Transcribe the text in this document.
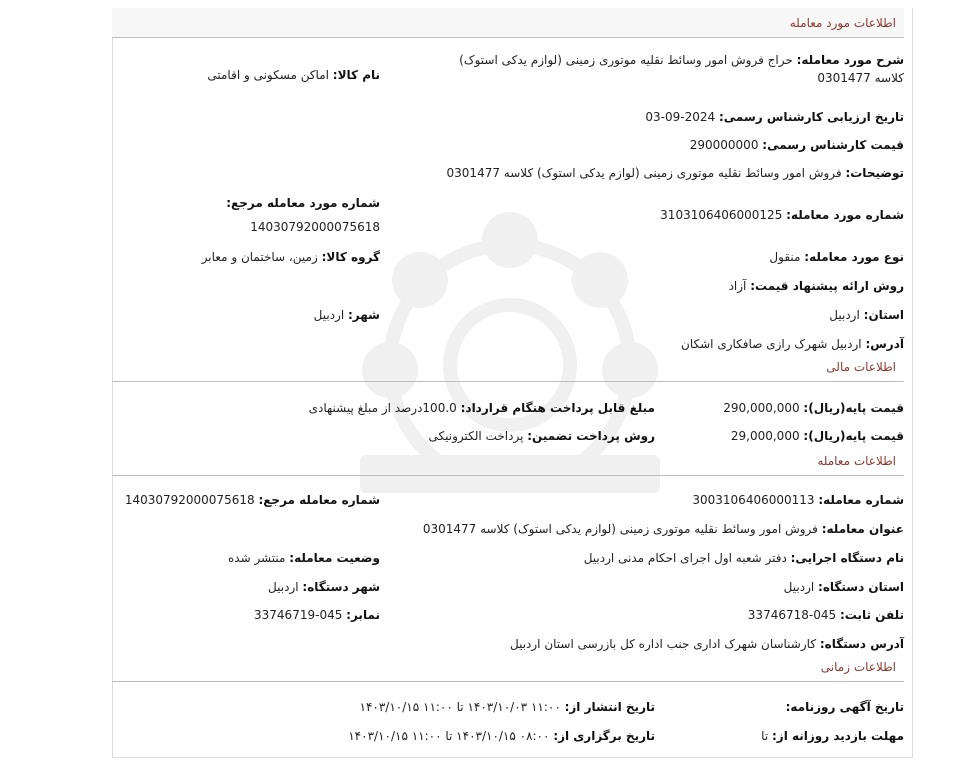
اطلاعات مورد معامله
شرح مورد معامله: حراج فروش امور وسائط نقلیه موتوری زمینی (لوازم یدکی استوک) کلاسه 0301477
نام کالا: اماکن مسکونی و اقامتی
تاریخ ارزیابی کارشناس رسمی: 2024-09-03
قیمت کارشناس رسمی: 290000000
توضیحات: فروش امور وسائط نقلیه موتوری زمینی (لوازم یدکی استوک) کلاسه 0301477
شماره مورد معامله مرجع:
14030792000075618
شماره مورد معامله: 3103106406000125
نوع مورد معامله: منقول
گروه کالا: زمین، ساختمان و معابر
روش ارائه پیشنهاد قیمت: آزاد
استان: اردبیل
شهر: اردبیل
آدرس: اردبیل شهرک رازی صافکاری اشکان
اطلاعات مالی
قیمت پایه(ریال): 290,000,000
مبلغ قابل پرداخت هنگام قرارداد: 100.0درصد از مبلغ پیشنهادی
قیمت پایه(ریال): 29,000,000
روش پرداخت تضمین: پرداخت الکترونیکی
اطلاعات معامله
شماره معامله: 3003106406000113
شماره معامله مرجع: 14030792000075618
عنوان معامله: فروش امور وسائط نقلیه موتوری زمینی (لوازم یدکی استوک) کلاسه 0301477
نام دستگاه اجرایی: دفتر شعبه اول اجرای احکام مدنی اردبیل
وضعیت معامله: منتشر شده
استان دستگاه: اردبیل
شهر دستگاه: اردبیل
تلفن ثابت: 045-33746718
نمابر: 045-33746719
آدرس دستگاه: کارشناسان شهرک اداری جنب اداره کل بازرسی استان اردبیل
اطلاعات زمانی
تاریخ آگهی روزنامه:
تاریخ انتشار از: ۱۱:۰۰ ۱۴۰۳/۱۰/۰۳ تا ۱۱:۰۰ ۱۴۰۳/۱۰/۱۵
مهلت بازدید روزانه از: تا
تاریخ برگزاری از: ۰۸:۰۰ ۱۴۰۳/۱۰/۱۵ تا ۱۱:۰۰ ۱۴۰۳/۱۰/۱۵
